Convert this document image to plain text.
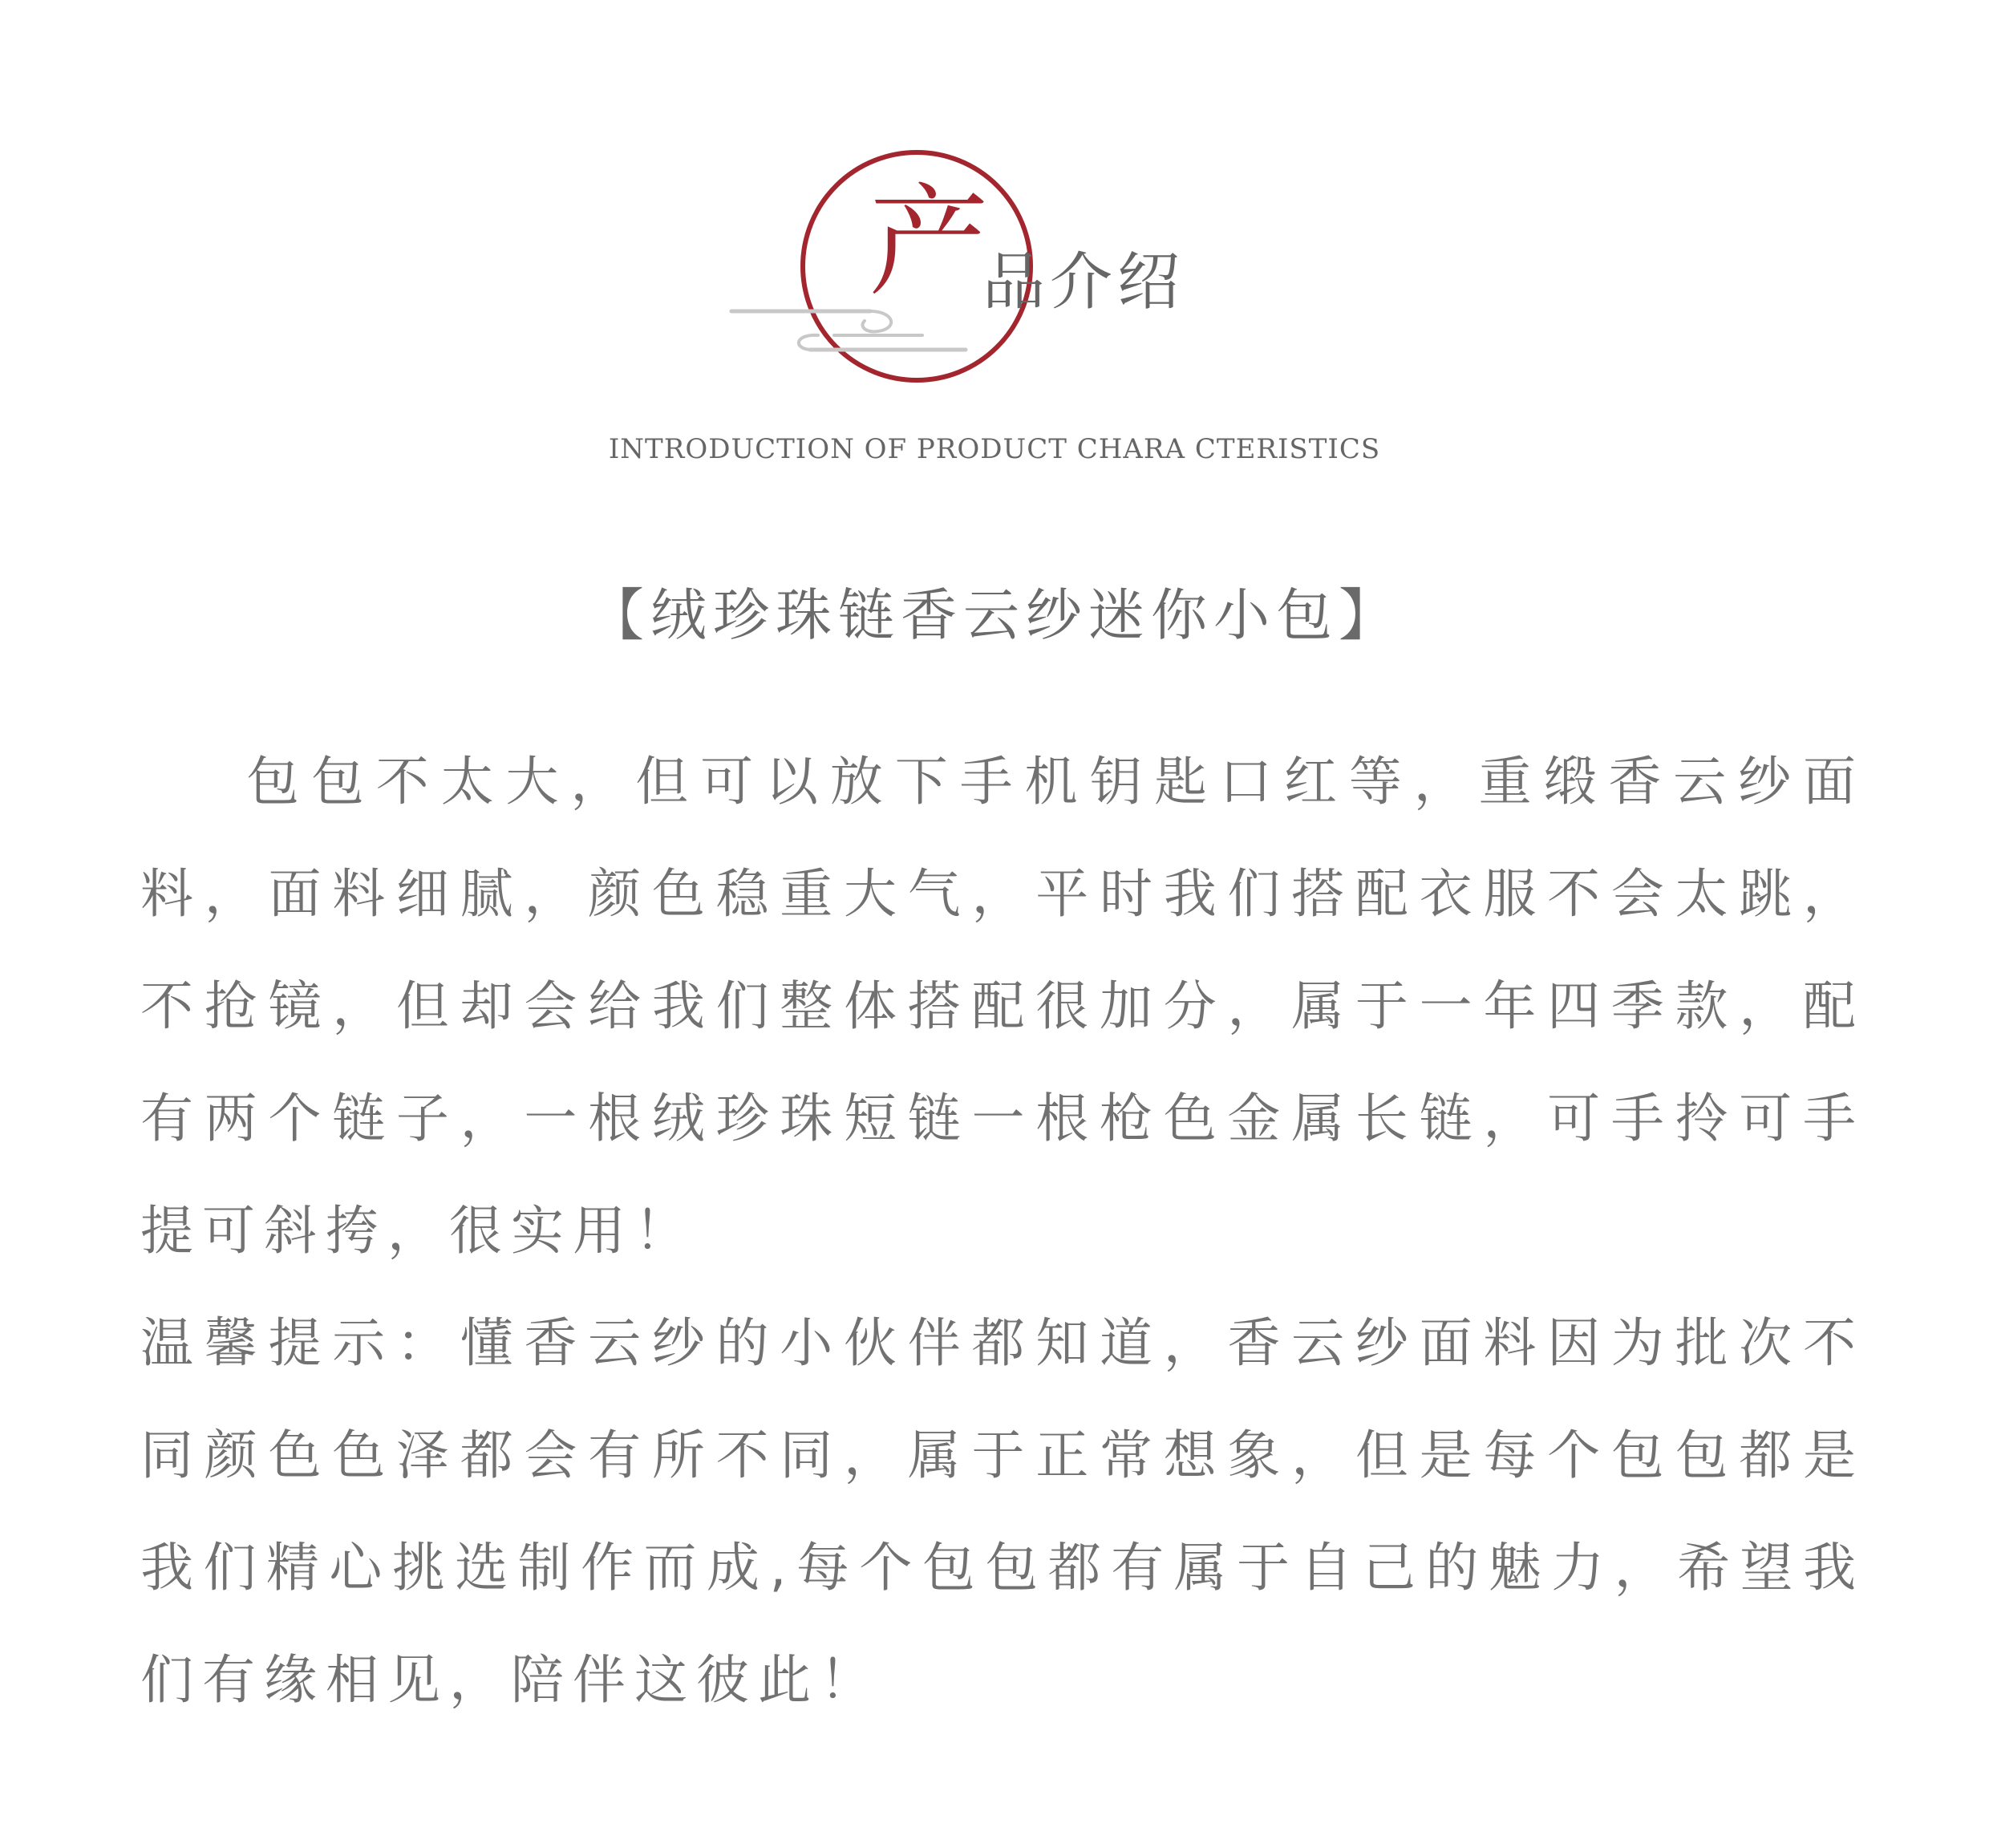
产
品介绍
INTRODUCTION OF PRODUCT CHARA CTERISTICS
【绒珍珠链香云纱迷你小包】

包包不太大，但可以放下手机钥匙口红等，重缎香云纱面料，面料细腻，颜色稳重大气，平时我们搭配衣服不会太跳，不抢镜，但却会给我们整体搭配很加分，属于一年四季款，配有两个链子，一根绒珍珠短链一根枪色金属长链，可手拎可手提可斜挎，很实用！

温馨提示：懂香云纱的小伙伴都知道，香云纱面料因为批次不同颜色色泽都会有所不同，属于正常想象，但是每个包包都是我们精心挑选制作而成,每个包包都有属于自己的魅力，希望我们有缘相见，陪伴这彼此！
